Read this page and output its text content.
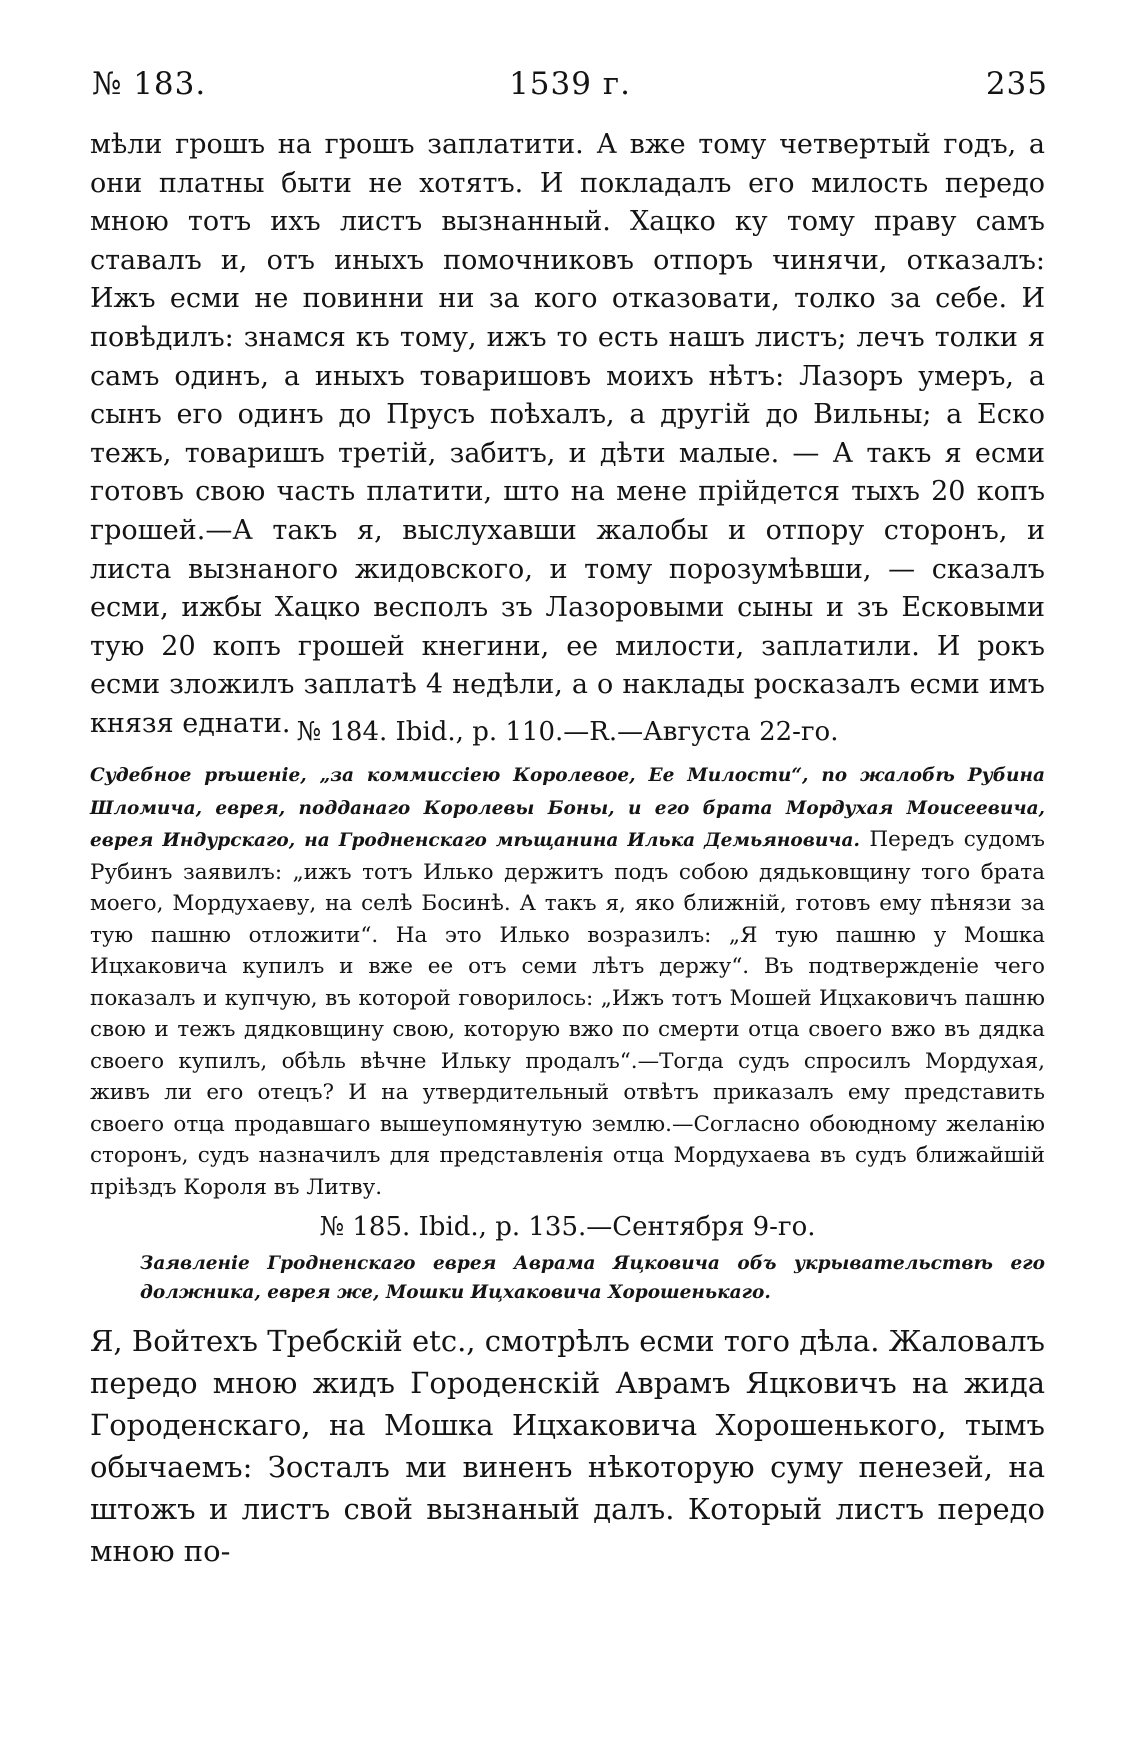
№ 183.	1539 г.	235

мѣли грошъ на грошъ заплатити. А вже тому четвертый годъ, а они платны быти не хотятъ. И покладалъ его милость передо мною тотъ ихъ листъ вызнанный. Хацко ку тому праву самъ ставалъ и, отъ иныхъ помочниковъ отпоръ чинячи, отказалъ: Ижъ есми не повинни ни за кого отказовати, толко за себе. И повѣдилъ: знамся къ тому, ижъ то есть нашъ листъ; лечъ толки я самъ одинъ, а иныхъ товаришовъ моихъ нѣтъ: Лазоръ умеръ, а сынъ его одинъ до Прусъ поѣхалъ, а другій до Вильны; а Еско тежъ, товаришъ третій, забитъ, и дѣти малые. — А такъ я есми готовъ свою часть платити, што на мене прійдется тыхъ 20 копъ грошей.—А такъ я, выслухавши жалобы и отпору сторонъ, и листа вызнаного жидовского, и тому порозумѣвши, — сказалъ есми, ижбы Хацко весполъ зъ Лазоровыми сыны и зъ Есковыми тую 20 копъ грошей кнегини, ее милости, заплатили. И рокъ есми зложилъ заплатѣ 4 недѣли, а о наклады росказалъ есми имъ князя еднати. № 184. Ibid., p. 110.—R.—Августа 22-го.

Судебное рѣшеніе, „за коммиссіею Королевое, Ее Милости“, по жалобѣ Рубина Шломича, еврея, подданаго Королевы Боны, и его брата Мордухая Моисеевича, еврея Индурскаго, на Гродненскаго мѣщанина Илька Демьяновича. Передъ судомъ Рубинъ заявилъ: „ижъ тотъ Илько держитъ подъ собою дядьковщину того брата моего, Мордухаеву, на селѣ Босинѣ. А такъ я, яко ближній, готовъ ему пѣнязи за тую пашню отложити“. На это Илько возразилъ: „Я тую пашню у Мошка Ицхаковича купилъ и вже ее отъ семи лѣтъ держу“. Въ подтвержденіе чего показалъ и купчую, въ которой говорилось: „Ижъ тотъ Мошей Ицхаковичъ пашню свою и тежъ дядковщину свою, которую вжо по смерти отца своего вжо въ дядка своего купилъ, обѣль вѣчне Ильку продалъ“.—Тогда судъ спросилъ Мордухая, живъ ли его отецъ? И на утвердительный отвѣтъ приказалъ ему представить своего отца продавшаго вышеупомянутую землю.—Согласно обоюдному желанію сторонъ, судъ назначилъ для представленія отца Мордухаева въ судъ ближайшій пріѣздъ Короля въ Литву.

№ 185. Ibid., p. 135.—Сентября 9-го.

Заявленіе Гродненскаго еврея Аврама Яцковича объ укрывательствѣ его должника, еврея же, Мошки Ицхаковича Хорошенькаго.

Я, Войтехъ Требскій etc., смотрѣлъ есми того дѣла. Жаловалъ передо мною жидъ Городенскій Аврамъ Яцковичъ на жида Городенскаго, на Мошка Ицхаковича Хорошенького, тымъ обычаемъ: Зосталъ ми виненъ нѣкоторую суму пенезей, на штожъ и листъ свой вызнаный далъ. Который листъ передо мною по-
